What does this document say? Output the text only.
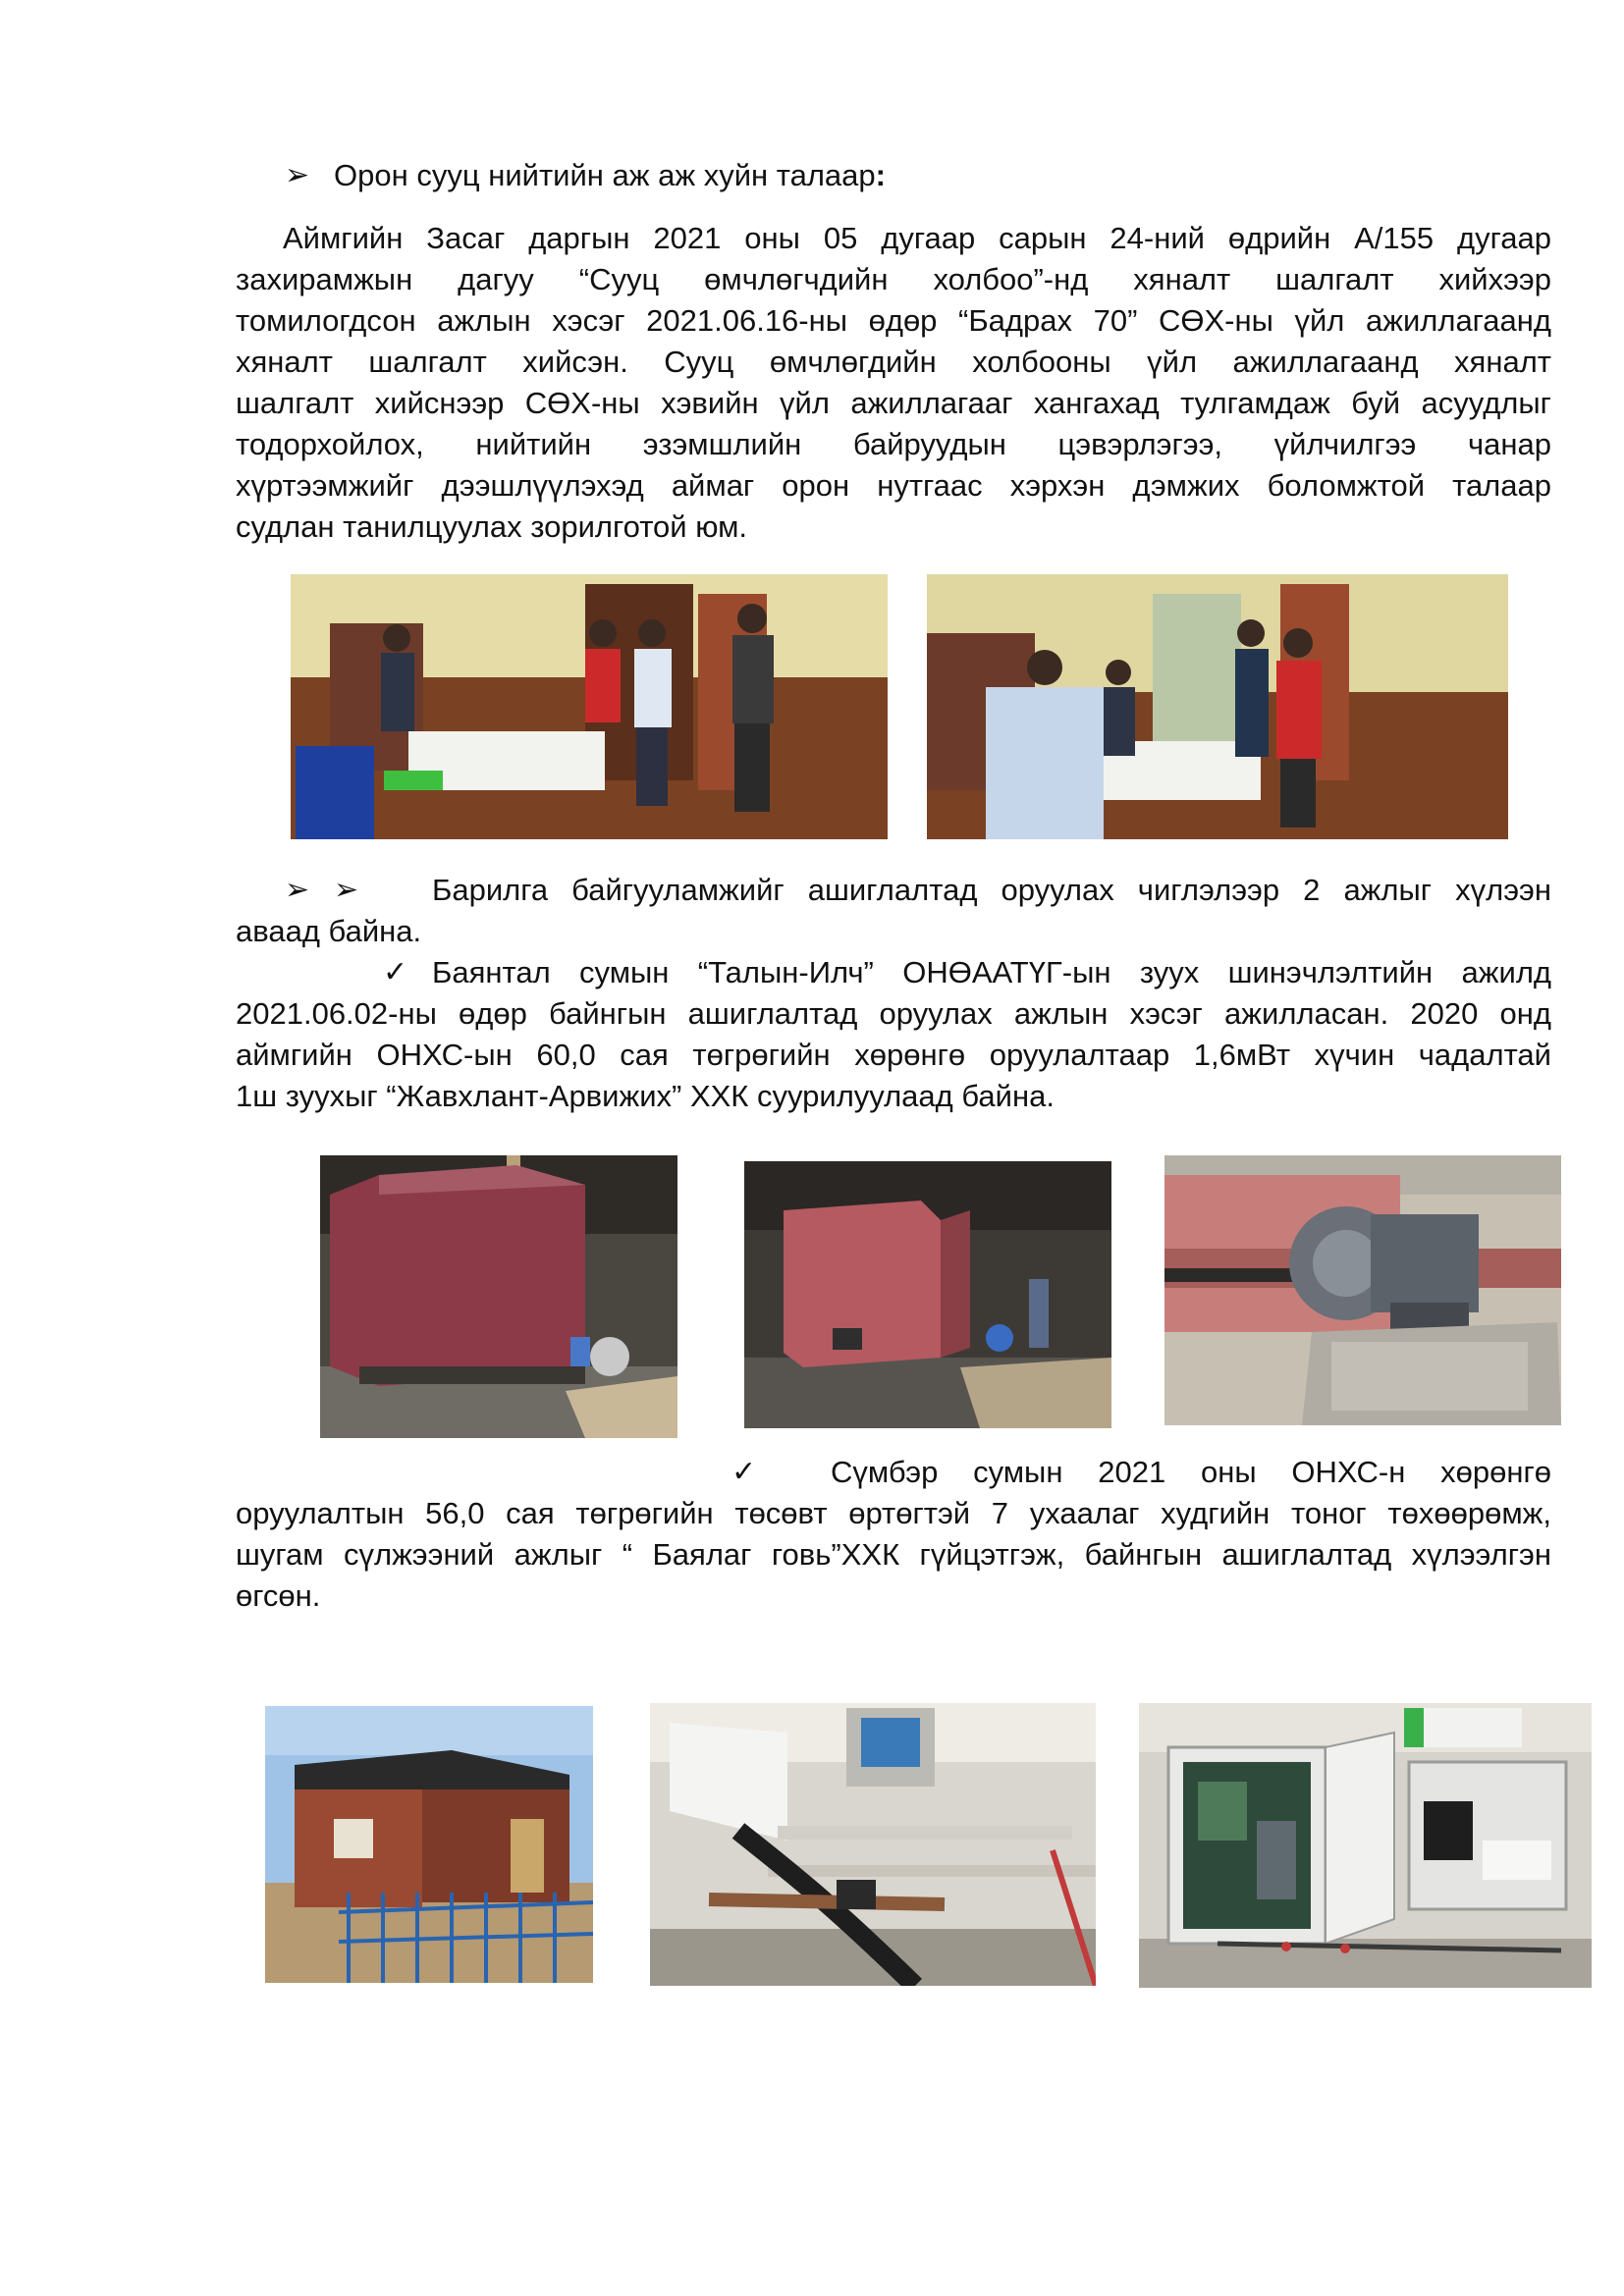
➢ Орон сууц нийтийн аж аж хуйн талаар:
Аймгийн Засаг даргын 2021 оны 05 дугаар сарын 24-ний өдрийн А/155 дугаар
захирамжын дагуу “Сууц өмчлөгчдийн холбоо”-нд хяналт шалгалт хийхээр
томилогдсон ажлын хэсэг 2021.06.16-ны өдөр “Бадрах 70” СӨХ-ны үйл ажиллагаанд
хяналт шалгалт хийсэн. Сууц өмчлөгдийн холбооны үйл ажиллагаанд хяналт
шалгалт хийснээр СӨХ-ны хэвийн үйл ажиллагааг хангахад тулгамдаж буй асуудлыг
тодорхойлох, нийтийн эзэмшлийн байруудын цэвэрлэгээ, үйлчилгээ чанар
хүртээмжийг дээшлүүлэхэд аймаг орон нутгаас хэрхэн дэмжих боломжтой талаар
судлан танилцуулах зорилготой юм.
➢ ➢ Барилга байгууламжийг ашиглалтад оруулах чиглэлээр 2 ажлыг хүлээн
аваад байна.
✓ Баянтал сумын “Талын-Илч” ОНӨААТҮГ-ын зуух шинэчлэлтийн ажилд
2021.06.02-ны өдөр байнгын ашиглалтад оруулах ажлын хэсэг ажилласан. 2020 онд
аймгийн ОНХС-ын 60,0 сая төгрөгийн хөрөнгө оруулалтаар 1,6мВт хүчин чадалтай
1ш зуухыг “Жавхлант-Арвижих” ХХК суурилуулаад байна.
✓ Сүмбэр сумын 2021 оны ОНХС-н хөрөнгө
оруулалтын 56,0 сая төгрөгийн төсөвт өртөгтэй 7 ухаалаг худгийн тоног төхөөрөмж,
шугам сүлжээний ажлыг “ Баялаг говь”ХХК гүйцэтгэж, байнгын ашиглалтад хүлээлгэн
өгсөн.
